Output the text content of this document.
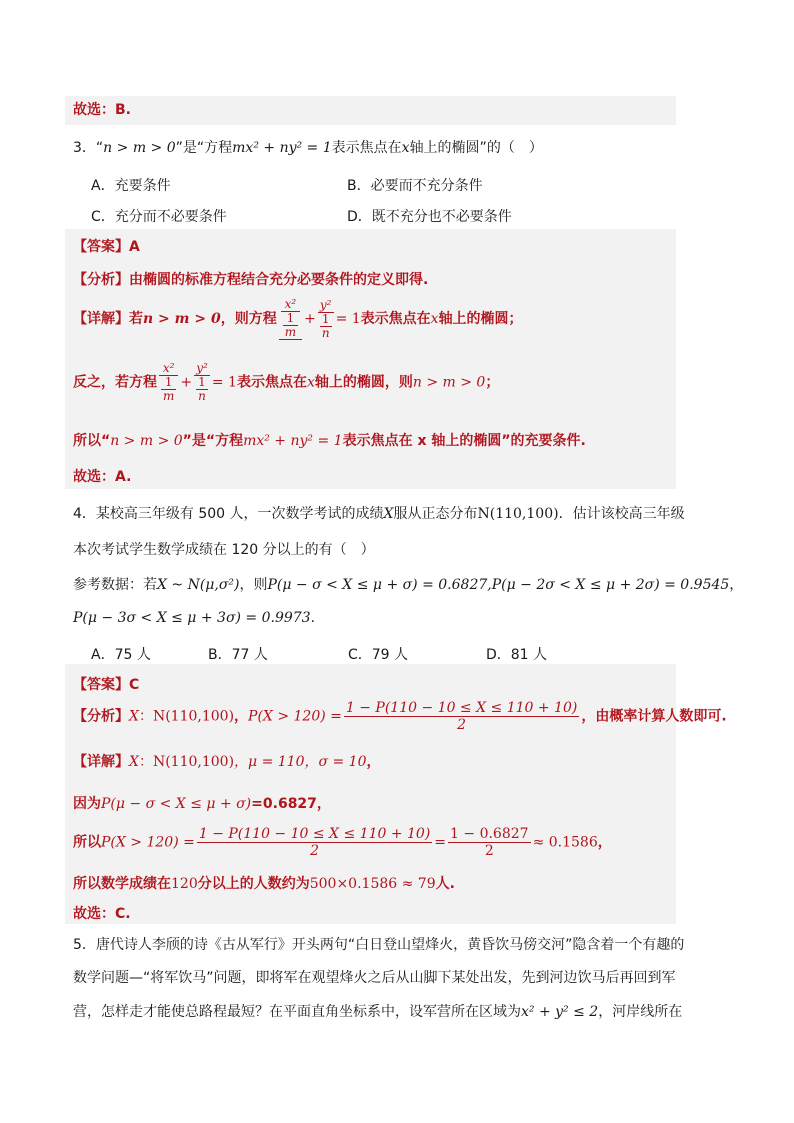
故选：B.
3．“n > m > 0”是“方程mx² + ny² = 1表示焦点在x轴上的椭圆”的（　）
A．充要条件	B．必要而不充分条件
C．充分而不必要条件	D．既不充分也不必要条件
【答案】A
【分析】由椭圆的标准方程结合充分必要条件的定义即得.
【详解】若n > m > 0，则方程 $\frac{\text{x²}}{\frac{1}{m}} + \frac{\text{y²}}{\frac{1}{n}} = 1$表示焦点在x轴上的椭圆；
反之，若方程 $\frac{\text{x²}}{\frac{1}{m}} + \frac{\text{y²}}{\frac{1}{n}} = 1$表示焦点在x轴上的椭圆，则n > m > 0；
所以“n > m > 0”是“方程mx² + ny² = 1表示焦点在 x 轴上的椭圆”的充要条件.
故选：A.
4．某校高三年级有 500 人，一次数学考试的成绩X服从正态分布N(110,100)．估计该校高三年级
本次考试学生数学成绩在 120 分以上的有（　）
参考数据：若X ~ N(μ,σ²)，则P(μ − σ < X ≤ μ + σ) = 0.6827,P(μ − 2σ < X ≤ μ + 2σ) = 0.9545，
P(μ − 3σ < X ≤ μ + 3σ) = 0.9973.
A．75 人	B．77 人	C．79 人	D．81 人
【答案】C
【分析】X：N(110,100)，$P(X > 120) = \frac{1 - P(110 - 10 \le X \le 110 + 10)}{2}$ ，由概率计算人数即可.
【详解】X：N(110,100)，μ = 110，σ = 10，
因为P(μ − σ < X ≤ μ + σ)=0.6827，
所以$P(X > 120) = \frac{1 - P(110 - 10 \le X \le 110 + 10)}{2} = \frac{1 - 0.6827}{2} \approx 0.1586$，
所以数学成绩在120分以上的人数约为500×0.1586 ≈ 79人.
故选：C.
5．唐代诗人李颀的诗《古从军行》开头两句“白日登山望烽火，黄昏饮马傍交河”隐含着一个有趣的
数学问题—“将军饮马”问题，即将军在观望烽火之后从山脚下某处出发，先到河边饮马后再回到军
营，怎样走才能使总路程最短？在平面直角坐标系中，设军营所在区域为x² + y² ≤ 2，河岸线所在
